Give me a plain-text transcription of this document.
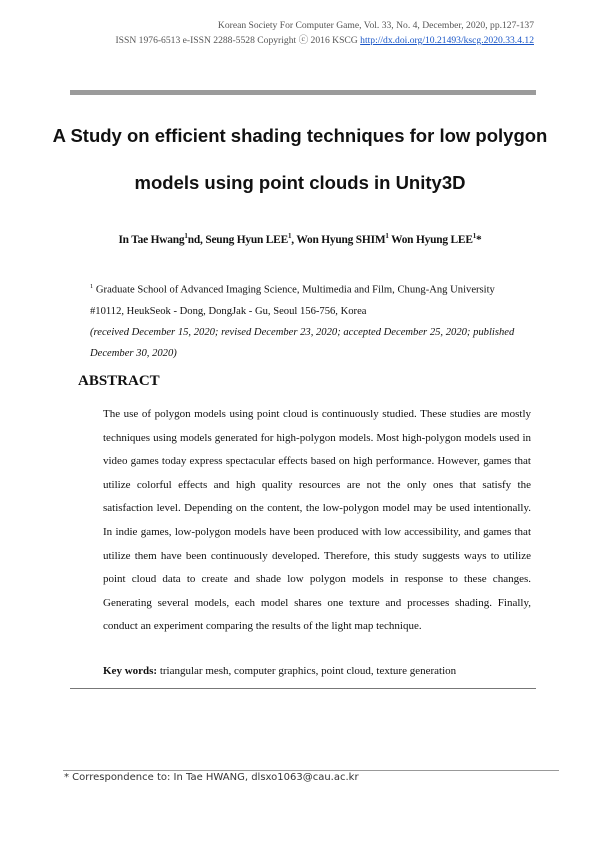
Korean Society For Computer Game, Vol. 33, No. 4, December, 2020, pp.127-137
ISSN 1976-6513 e-ISSN 2288-5528 Copyright ⓒ 2016 KSCG http://dx.doi.org/10.21493/kscg.2020.33.4.12
A Study on efficient shading techniques for low polygon
models using point clouds in Unity3D
In Tae Hwang$^1$nd, Seung Hyun LEE$^1$, Won Hyung SHIM$^1$ Won Hyung LEE$^1$*
$^1$ Graduate School of Advanced Imaging Science, Multimedia and Film, Chung-Ang University
#10112, HeukSeok - Dong, DongJak - Gu, Seoul 156-756, Korea
(received December 15, 2020; revised December 23, 2020; accepted December 25, 2020; published December 30, 2020)
ABSTRACT

The use of polygon models using point cloud is continuously studied. These studies are mostly techniques using models generated for high-polygon models. Most high-polygon models used in video games today express spectacular effects based on high performance. However, games that utilize colorful effects and high quality resources are not the only ones that satisfy the satisfaction level. Depending on the content, the low-polygon model may be used intentionally. In indie games, low-polygon models have been produced with low accessibility, and games that utilize them have been continuously developed. Therefore, this study suggests ways to utilize point cloud data to create and shade low polygon models in response to these changes. Generating several models, each model shares one texture and processes shading. Finally, conduct an experiment comparing the results of the light map technique.

Key words: triangular mesh, computer graphics, point cloud, texture generation
* Correspondence to: In Tae HWANG, dlsxo1063@cau.ac.kr
